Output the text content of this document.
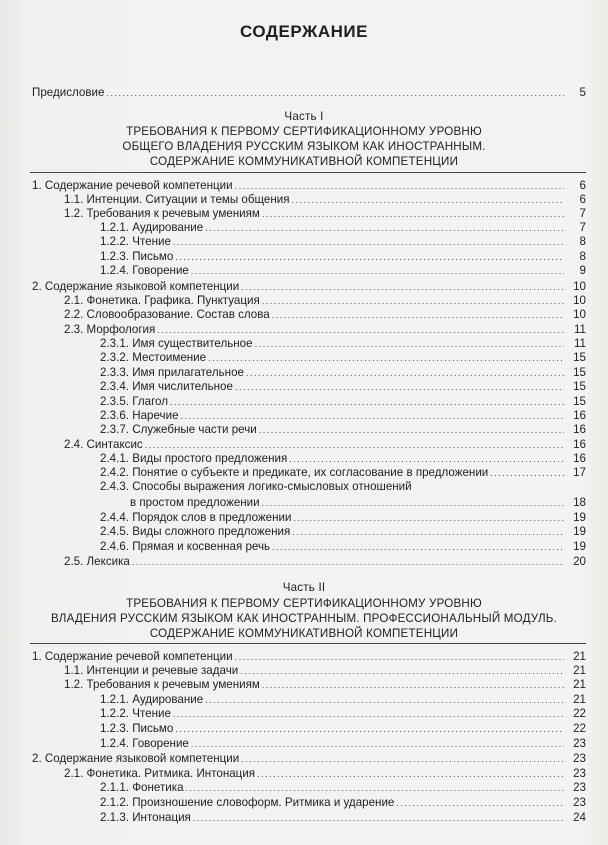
СОДЕРЖАНИЕ
Предисловие .....	5
Часть I
ТРЕБОВАНИЯ К ПЕРВОМУ СЕРТИФИКАЦИОННОМУ УРОВНЮ
ОБЩЕГО ВЛАДЕНИЯ РУССКИМ ЯЗЫКОМ КАК ИНОСТРАННЫМ.
СОДЕРЖАНИЕ КОММУНИКАТИВНОЙ КОМПЕТЕНЦИИ
1. Содержание речевой компетенции .....	6
1.1. Интенции. Ситуации и темы общения .....	6
1.2. Требования к речевым умениям .....	7
1.2.1. Аудирование .....	7
1.2.2. Чтение .....	8
1.2.3. Письмо .....	8
1.2.4. Говорение .....	9
2. Содержание языковой компетенции .....	10
2.1. Фонетика. Графика. Пунктуация .....	10
2.2. Словообразование. Состав слова .....	10
2.3. Морфология .....	11
2.3.1. Имя существительное .....	11
2.3.2. Местоимение .....	15
2.3.3. Имя прилагательное .....	15
2.3.4. Имя числительное .....	15
2.3.5. Глагол .....	15
2.3.6. Наречие .....	16
2.3.7. Служебные части речи .....	16
2.4. Синтаксис .....	16
2.4.1. Виды простого предложения .....	16
2.4.2. Понятие о субъекте и предикате, их согласование в предложении .....	17
2.4.3. Способы выражения логико-смысловых отношений
в простом предложении .....	18
2.4.4. Порядок слов в предложении .....	19
2.4.5. Виды сложного предложения .....	19
2.4.6. Прямая и косвенная речь .....	19
2.5. Лексика .....	20
Часть II
ТРЕБОВАНИЯ К ПЕРВОМУ СЕРТИФИКАЦИОННОМУ УРОВНЮ
ВЛАДЕНИЯ РУССКИМ ЯЗЫКОМ КАК ИНОСТРАННЫМ. ПРОФЕССИОНАЛЬНЫЙ МОДУЛЬ.
СОДЕРЖАНИЕ КОММУНИКАТИВНОЙ КОМПЕТЕНЦИИ
1. Содержание речевой компетенции .....	21
1.1. Интенции и речевые задачи .....	21
1.2. Требования к речевым умениям .....	21
1.2.1. Аудирование .....	21
1.2.2. Чтение .....	22
1.2.3. Письмо .....	22
1.2.4. Говорение .....	23
2. Содержание языковой компетенции .....	23
2.1. Фонетика. Ритмика. Интонация .....	23
2.1.1. Фонетика .....	23
2.1.2. Произношение словоформ. Ритмика и ударение .....	23
2.1.3. Интонация .....	24
